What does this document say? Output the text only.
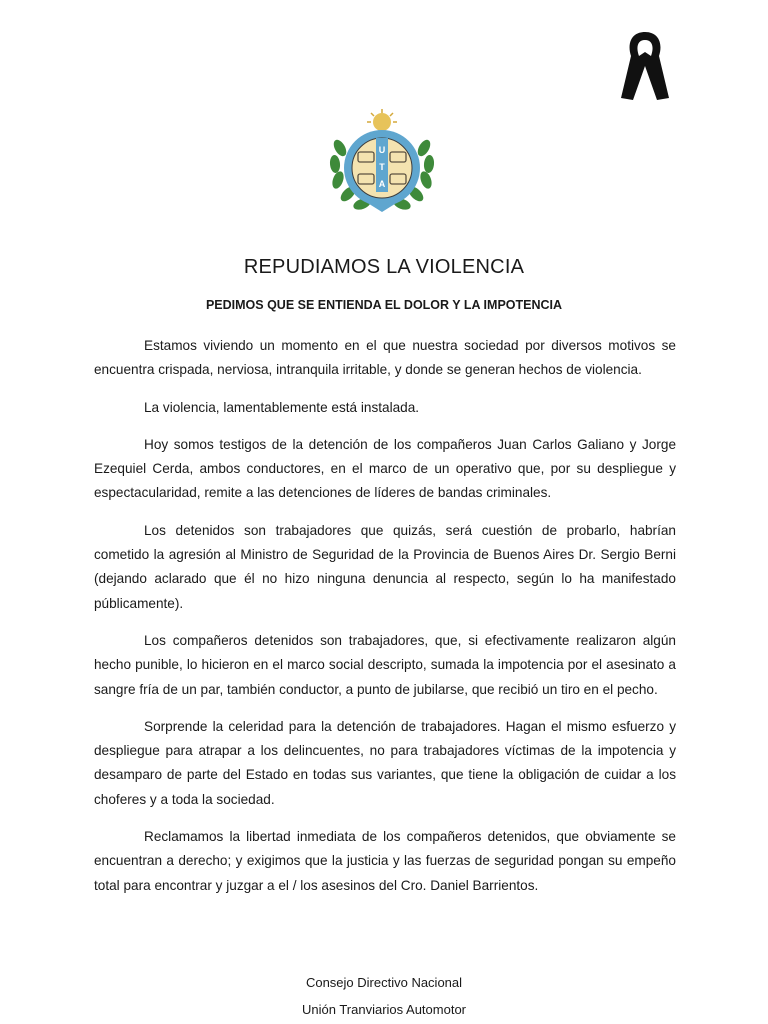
U
T
A
REPUDIAMOS LA VIOLENCIA
PEDIMOS QUE SE ENTIENDA EL DOLOR Y LA IMPOTENCIA

Estamos viviendo un momento en el que nuestra sociedad por diversos motivos se encuentra crispada, nerviosa, intranquila irritable, y donde se generan hechos de violencia.

La violencia, lamentablemente está instalada.

Hoy somos testigos de la detención de los compañeros Juan Carlos Galiano y Jorge Ezequiel Cerda, ambos conductores, en el marco de un operativo que, por su despliegue y espectacularidad, remite a las detenciones de líderes de bandas criminales.

Los detenidos son trabajadores que quizás, será cuestión de probarlo, habrían cometido la agresión al Ministro de Seguridad de la Provincia de Buenos Aires Dr. Sergio Berni (dejando aclarado que él no hizo ninguna denuncia al respecto, según lo ha manifestado públicamente).

Los compañeros detenidos son trabajadores, que, si efectivamente realizaron algún hecho punible, lo hicieron en el marco social descripto, sumada la impotencia por el asesinato a sangre fría de un par, también conductor, a punto de jubilarse, que recibió un tiro en el pecho.

Sorprende la celeridad para la detención de trabajadores. Hagan el mismo esfuerzo y despliegue para atrapar a los delincuentes, no para trabajadores víctimas de la impotencia y desamparo de parte del Estado en todas sus variantes, que tiene la obligación de cuidar a los choferes y a toda la sociedad.

Reclamamos la libertad inmediata de los compañeros detenidos, que obviamente se encuentran a derecho; y exigimos que la justicia y las fuerzas de seguridad pongan su empeño total para encontrar y juzgar a el / los asesinos del Cro. Daniel Barrientos.

Consejo Directivo Nacional
Unión Tranviarios Automotor
